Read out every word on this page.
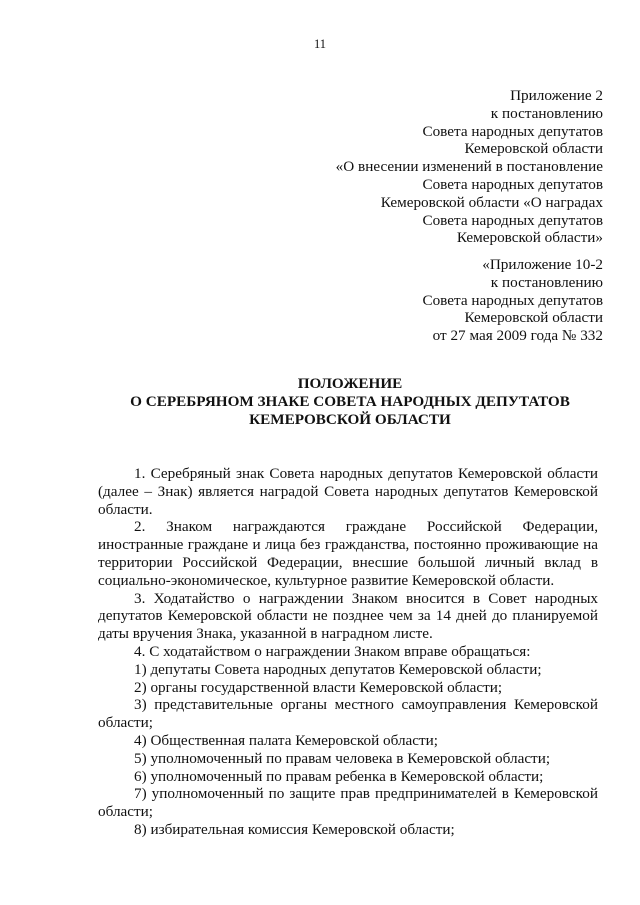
11
Приложение 2
к постановлению
Совета народных депутатов
Кемеровской области
«О внесении изменений в постановление
Совета народных депутатов
Кемеровской области «О наградах
Совета народных депутатов
Кемеровской области»
«Приложение 10-2
к постановлению
Совета народных депутатов
Кемеровской области
от 27 мая 2009 года № 332
ПОЛОЖЕНИЕ
О СЕРЕБРЯНОМ ЗНАКЕ СОВЕТА НАРОДНЫХ ДЕПУТАТОВ
КЕМЕРОВСКОЙ ОБЛАСТИ

1. Серебряный знак Совета народных депутатов Кемеровской области (далее – Знак) является наградой Совета народных депутатов Кемеровской области.

2. Знаком награждаются граждане Российской Федерации, иностранные граждане и лица без гражданства, постоянно проживающие на территории Российской Федерации, внесшие большой личный вклад в социально-экономическое, культурное развитие Кемеровской области.

3. Ходатайство о награждении Знаком вносится в Совет народных депутатов Кемеровской области не позднее чем за 14 дней до планируемой даты вручения Знака, указанной в наградном листе.

4. С ходатайством о награждении Знаком вправе обращаться:

1) депутаты Совета народных депутатов Кемеровской области;

2) органы государственной власти Кемеровской области;

3) представительные органы местного самоуправления Кемеровской области;

4) Общественная палата Кемеровской области;

5) уполномоченный по правам человека в Кемеровской области;

6) уполномоченный по правам ребенка в Кемеровской области;

7) уполномоченный по защите прав предпринимателей в Кемеровской области;

8) избирательная комиссия Кемеровской области;
